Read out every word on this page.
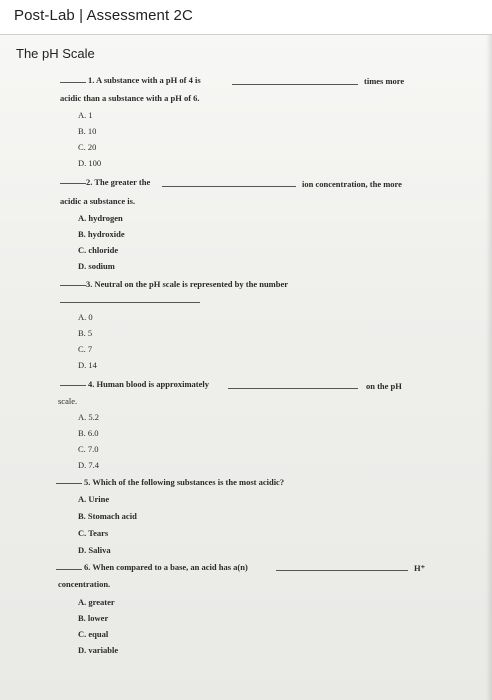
Post-Lab | Assessment 2C
The pH Scale
1. A substance with a pH of 4 is	times more
acidic than a substance with a pH of 6.
A. 1
B. 10
C. 20
D. 100
2. The greater the	ion concentration, the more
acidic a substance is.
A. hydrogen
B. hydroxide
C. chloride
D. sodium
3. Neutral on the pH scale is represented by the number
A. 0
B. 5
C. 7
D. 14
4. Human blood is approximately	on the pH
scale.
A. 5.2
B. 6.0
C. 7.0
D. 7.4
5. Which of the following substances is the most acidic?
A. Urine
B. Stomach acid
C. Tears
D. Saliva
6. When compared to a base, an acid has a(n)	H⁺
concentration.
A. greater
B. lower
C. equal
D. variable
